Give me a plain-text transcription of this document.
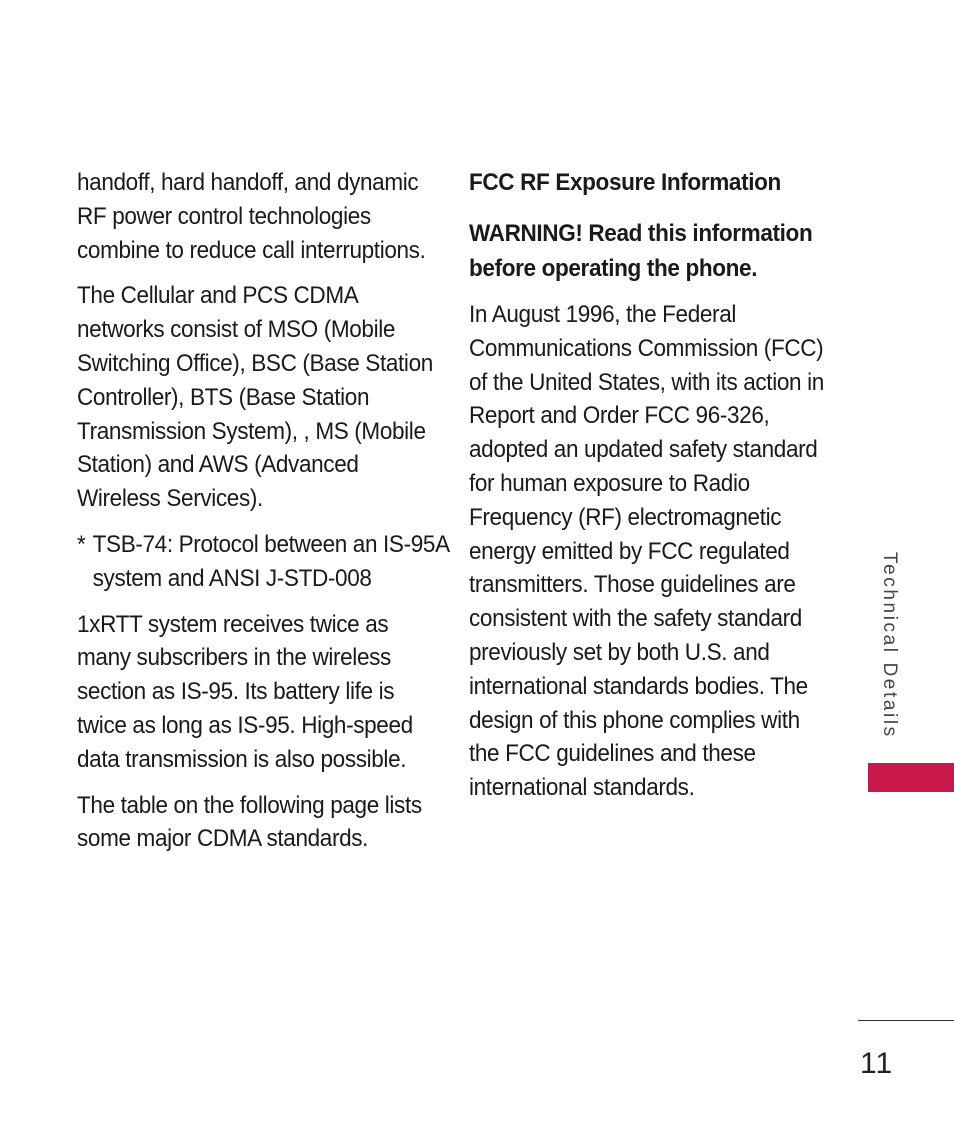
handoff, hard handoff, and dynamic RF power control technologies combine to reduce call interruptions.

The Cellular and PCS CDMA networks consist of MSO (Mobile Switching Office), BSC (Base Station Controller), BTS (Base Station Transmission System), , MS (Mobile Station) and AWS (Advanced Wireless Services).

* TSB-74: Protocol between an IS-95A system and ANSI J-STD-008

1xRTT system receives twice as many subscribers in the wireless section as IS-95. Its battery life is twice as long as IS-95. High-speed data transmission is also possible.

The table on the following page lists some major CDMA standards.

FCC RF Exposure Information
WARNING! Read this information before operating the phone.

In August 1996, the Federal Communications Commission (FCC) of the United States, with its action in Report and Order FCC 96-326, adopted an updated safety standard for human exposure to Radio Frequency (RF) electromagnetic energy emitted by FCC regulated transmitters. Those guidelines are consistent with the safety standard previously set by both U.S. and international standards bodies. The design of this phone complies with the FCC guidelines and these international standards.

Technical Details
11
